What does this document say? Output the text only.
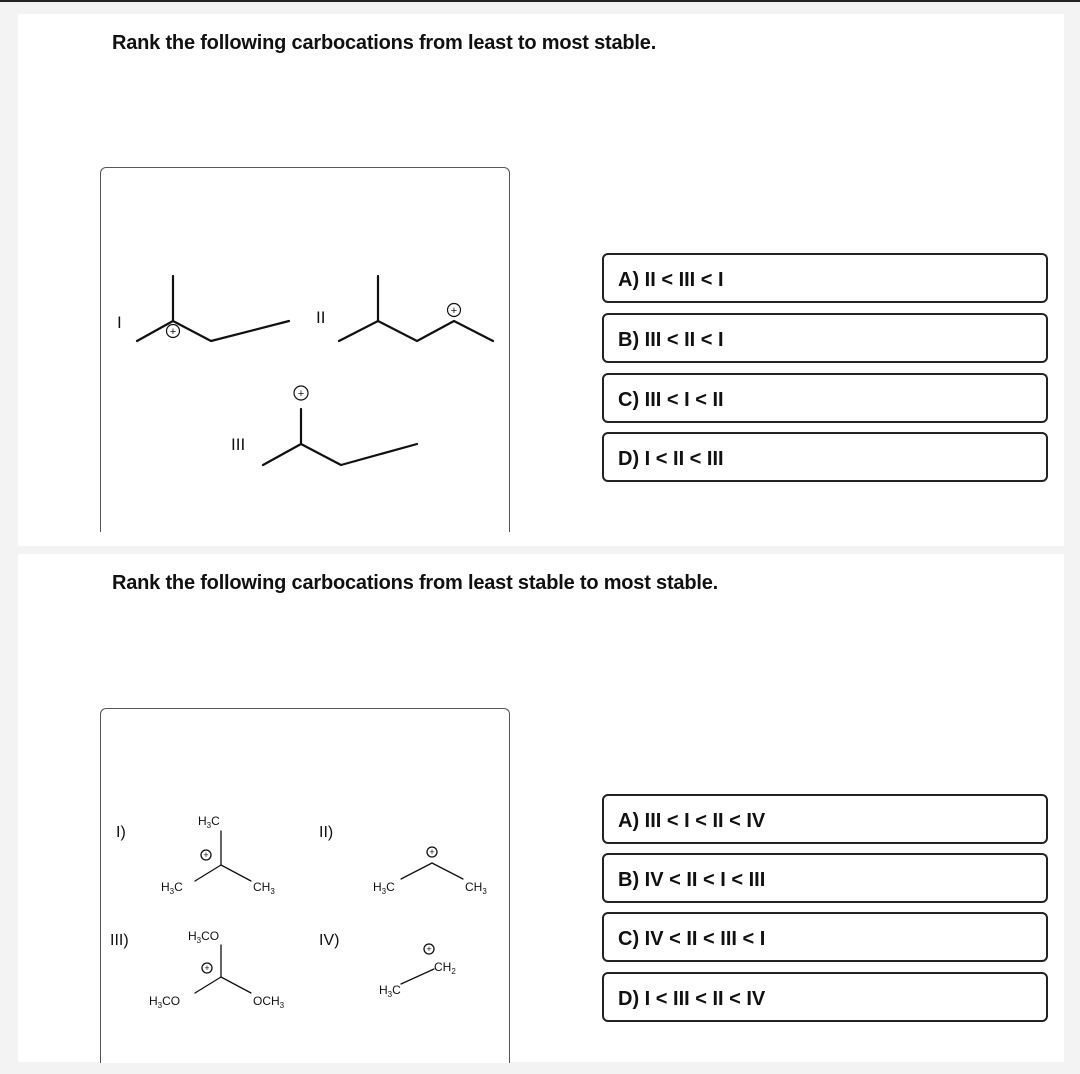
Rank the following carbocations from least to most stable.
+
+
+
I	II
III
A) II < III < I
B) III < II < I
C) III < I < II
D) I < II < III
Rank the following carbocations from least stable to most stable.
I)	II)
III)	IV)
+	+
+
+
$H_3C$
$H_3C$	$CH_3$	$H_3C$	$CH_3$
$H_3CO$
$H_3CO$	$OCH_3$
$H_3C$
$CH_2$
A) III < I < II < IV
B) IV < II < I < III
C) IV < II < III < I
D) I < III < II < IV
